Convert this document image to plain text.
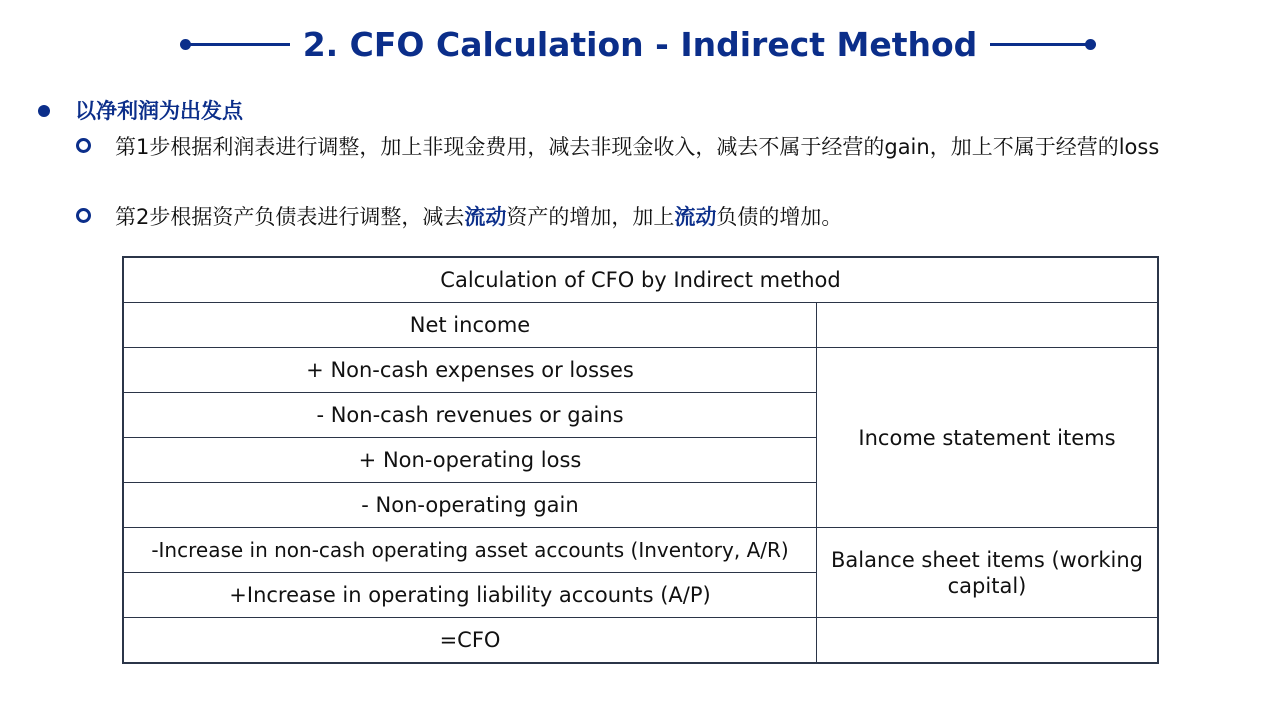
2. CFO Calculation - Indirect Method
以净利润为出发点
第1步根据利润表进行调整，加上非现金费用，减去非现金收入，减去不属于经营的gain，加上不属于经营的loss
第2步根据资产负债表进行调整，减去流动资产的增加，加上流动负债的增加。
Calculation of CFO by Indirect method	
Net income	
+ Non-cash expenses or losses	Income statement items
- Non-cash revenues or gains	
+ Non-operating loss	
- Non-operating gain	
-Increase in non-cash operating asset accounts (Inventory, A/R)	Balance sheet items (working capital)
+Increase in operating liability accounts (A/P)	
=CFO	
